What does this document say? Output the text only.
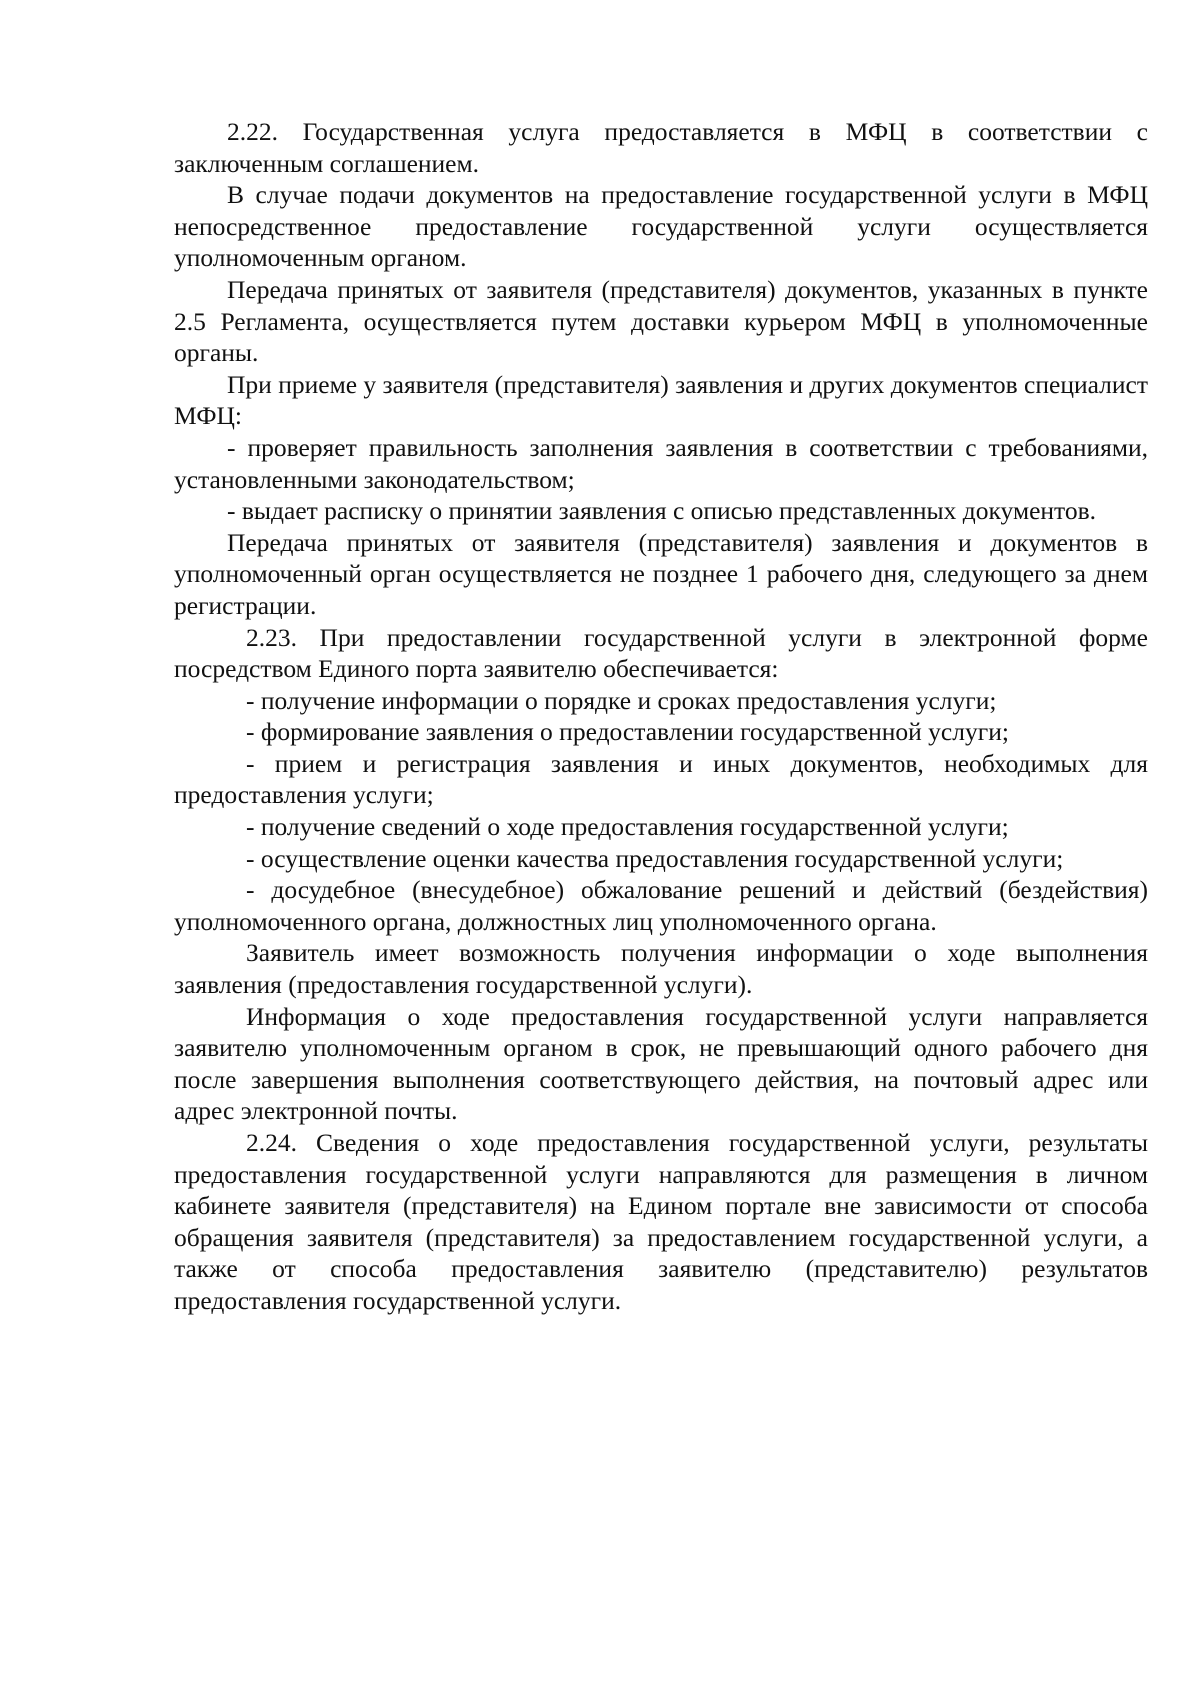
2.22. Государственная услуга предоставляется в МФЦ в соответствии с заключенным соглашением.

В случае подачи документов на предоставление государственной услуги в МФЦ непосредственное предоставление государственной услуги осуществляется уполномоченным органом.

Передача принятых от заявителя (представителя) документов, указанных в пункте 2.5 Регламента, осуществляется путем доставки курьером МФЦ в уполномоченные органы.

При приеме у заявителя (представителя) заявления и других документов специалист МФЦ:

- проверяет правильность заполнения заявления в соответствии с требованиями, установленными законодательством;

- выдает расписку о принятии заявления с описью представленных документов.

Передача принятых от заявителя (представителя) заявления и документов в уполномоченный орган осуществляется не позднее 1 рабочего дня, следующего за днем регистрации.

2.23. При предоставлении государственной услуги в электронной форме посредством Единого порта заявителю обеспечивается:

- получение информации о порядке и сроках предоставления услуги;

- формирование заявления о предоставлении государственной услуги;

- прием и регистрация заявления и иных документов, необходимых для предоставления услуги;

- получение сведений о ходе предоставления государственной услуги;

- осуществление оценки качества предоставления государственной услуги;

- досудебное (внесудебное) обжалование решений и действий (бездействия) уполномоченного органа, должностных лиц уполномоченного органа.

Заявитель имеет возможность получения информации о ходе выполнения заявления (предоставления государственной услуги).

Информация о ходе предоставления государственной услуги направляется заявителю уполномоченным органом в срок, не превышающий одного рабочего дня после завершения выполнения соответствующего действия, на почтовый адрес или адрес электронной почты.

2.24. Сведения о ходе предоставления государственной услуги, результаты предоставления государственной услуги направляются для размещения в личном кабинете заявителя (представителя) на Едином портале вне зависимости от способа обращения заявителя (представителя) за предоставлением государственной услуги, а также от способа предоставления заявителю (представителю) результатов предоставления государственной услуги.
